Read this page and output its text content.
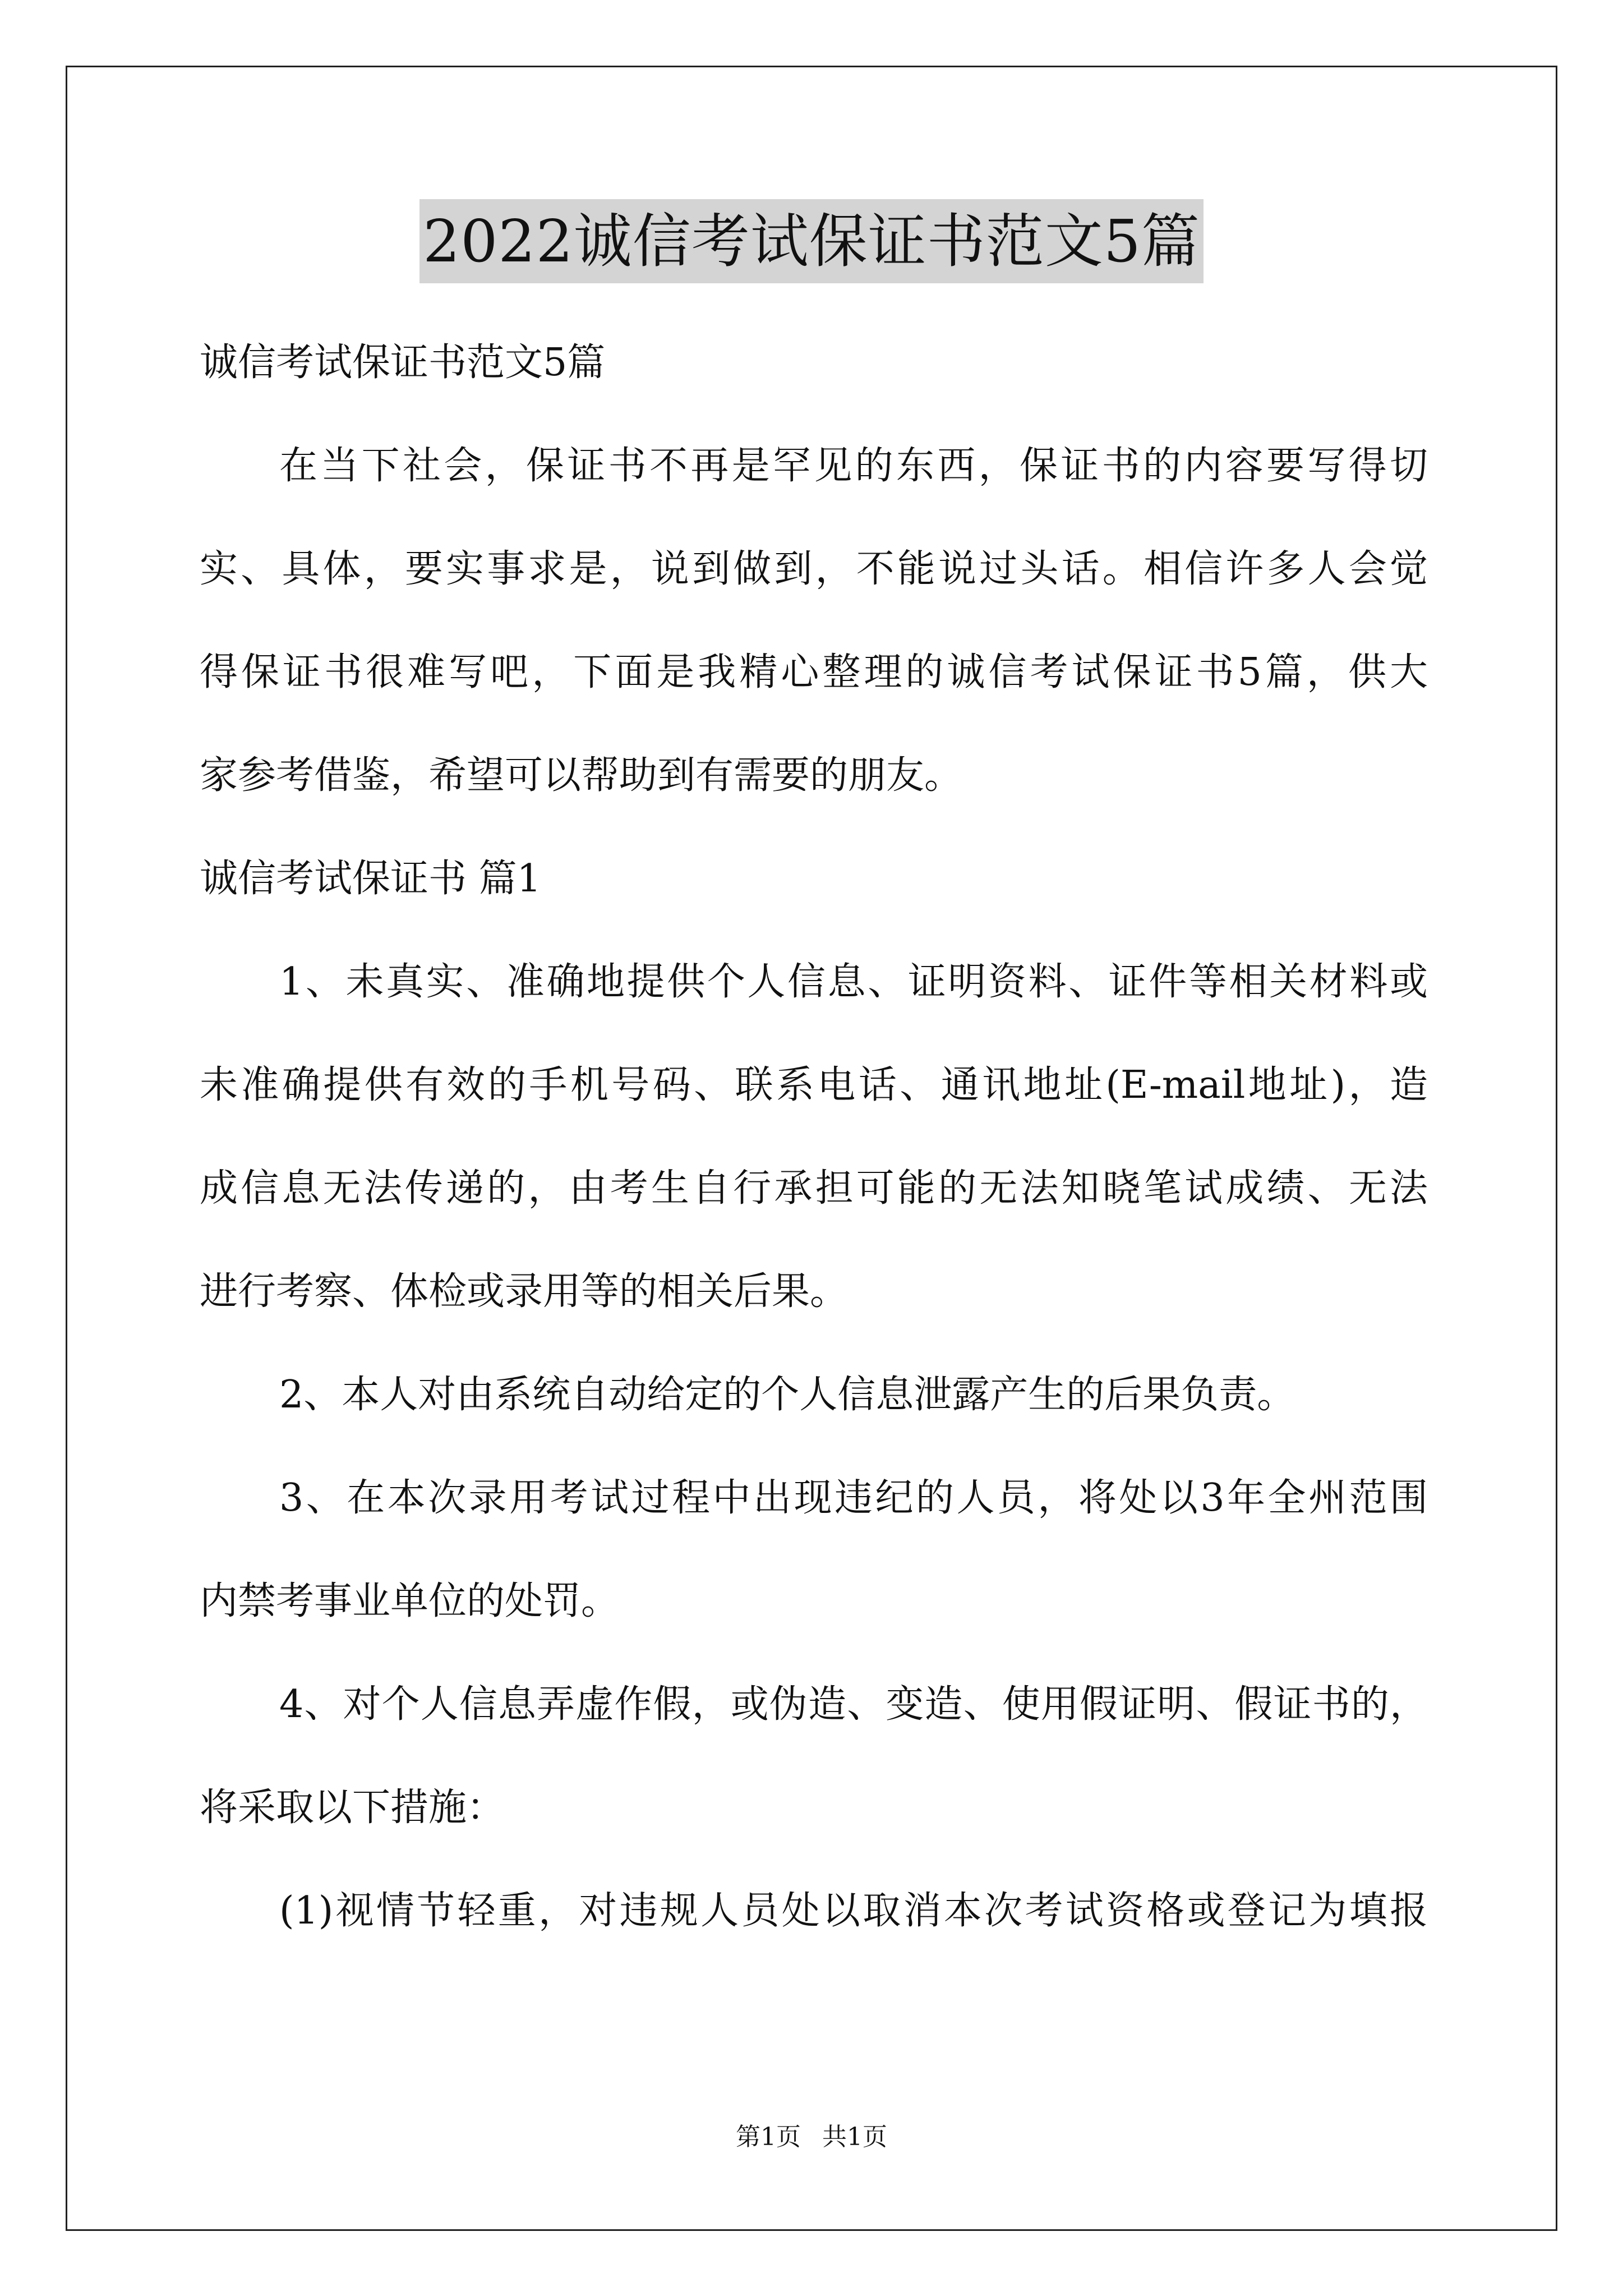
2022诚信考试保证书范文5篇
诚信考试保证书范文5篇
在当下社会，保证书不再是罕见的东西，保证书的内容要写得切
实、具体，要实事求是，说到做到，不能说过头话。相信许多人会觉
得保证书很难写吧，下面是我精心整理的诚信考试保证书5篇，供大
家参考借鉴，希望可以帮助到有需要的朋友。
诚信考试保证书 篇1
1、未真实、准确地提供个人信息、证明资料、证件等相关材料或
未准确提供有效的手机号码、联系电话、通讯地址(E-mail地址)，造
成信息无法传递的，由考生自行承担可能的无法知晓笔试成绩、无法
进行考察、体检或录用等的相关后果。
2、本人对由系统自动给定的个人信息泄露产生的后果负责。
3、在本次录用考试过程中出现违纪的人员，将处以3年全州范围
内禁考事业单位的处罚。
4、对个人信息弄虚作假，或伪造、变造、使用假证明、假证书的，
将采取以下措施：
(1)视情节轻重，对违规人员处以取消本次考试资格或登记为填报
第1页 共1页
